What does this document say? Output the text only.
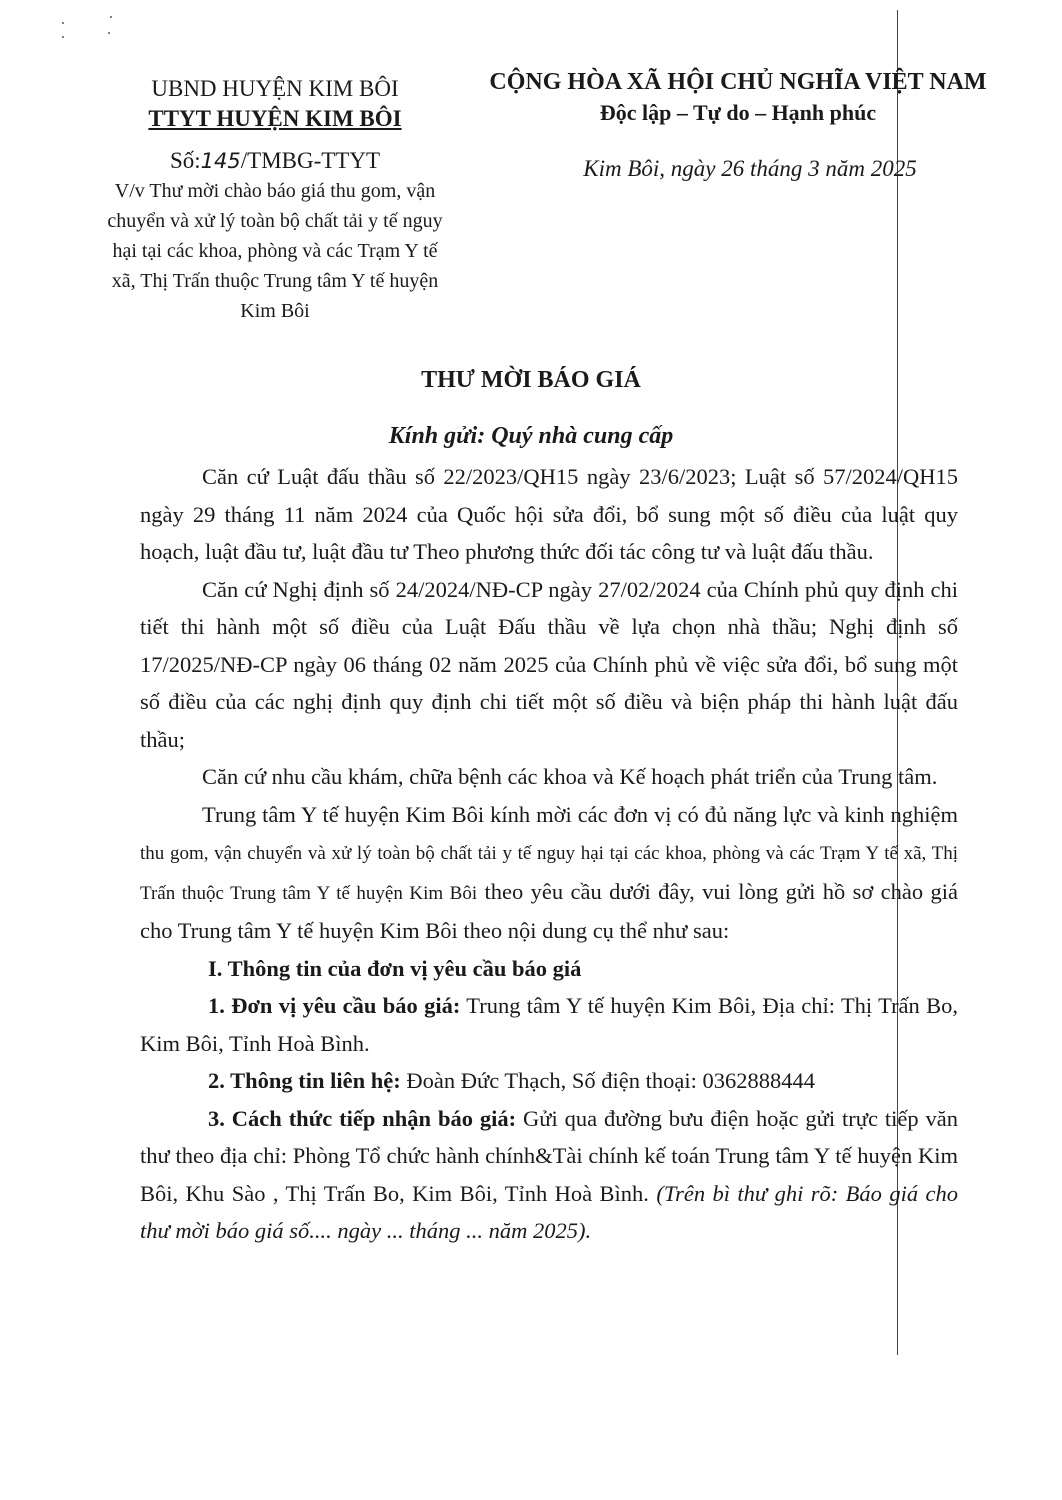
UBND HUYỆN KIM BÔI
TTYT HUYỆN KIM BÔI
Số:145/TMBG-TTYT
V/v Thư mời chào báo giá thu gom, vận chuyển và xử lý toàn bộ chất tải y tế nguy hại tại các khoa, phòng và các Trạm Y tế xã, Thị Trấn thuộc Trung tâm Y tế huyện Kim Bôi
CỘNG HÒA XÃ HỘI CHỦ NGHĨA VIỆT NAM
Độc lập – Tự do – Hạnh phúc
Kim Bôi, ngày 26 tháng 3 năm 2025
THƯ MỜI BÁO GIÁ
Kính gửi: Quý nhà cung cấp

Căn cứ Luật đấu thầu số 22/2023/QH15 ngày 23/6/2023; Luật số 57/2024/QH15 ngày 29 tháng 11 năm 2024 của Quốc hội sửa đổi, bổ sung một số điều của luật quy hoạch, luật đầu tư, luật đầu tư Theo phương thức đối tác công tư và luật đấu thầu.

Căn cứ Nghị định số 24/2024/NĐ-CP ngày 27/02/2024 của Chính phủ quy định chi tiết thi hành một số điều của Luật Đấu thầu về lựa chọn nhà thầu; Nghị định số 17/2025/NĐ-CP ngày 06 tháng 02 năm 2025 của Chính phủ về việc sửa đổi, bổ sung một số điều của các nghị định quy định chi tiết một số điều và biện pháp thi hành luật đấu thầu;

Căn cứ nhu cầu khám, chữa bệnh các khoa và Kế hoạch phát triển của Trung tâm.

Trung tâm Y tế huyện Kim Bôi kính mời các đơn vị có đủ năng lực và kinh nghiệm thu gom, vận chuyển và xử lý toàn bộ chất tải y tế nguy hại tại các khoa, phòng và các Trạm Y tế xã, Thị Trấn thuộc Trung tâm Y tế huyện Kim Bôi theo yêu cầu dưới đây, vui lòng gửi hồ sơ chào giá cho Trung tâm Y tế huyện Kim Bôi theo nội dung cụ thể như sau:

I. Thông tin của đơn vị yêu cầu báo giá

1. Đơn vị yêu cầu báo giá: Trung tâm Y tế huyện Kim Bôi, Địa chỉ: Thị Trấn Bo, Kim Bôi, Tỉnh Hoà Bình.

2. Thông tin liên hệ: Đoàn Đức Thạch, Số điện thoại: 0362888444

3. Cách thức tiếp nhận báo giá: Gửi qua đường bưu điện hoặc gửi trực tiếp văn thư theo địa chỉ: Phòng Tổ chức hành chính&Tài chính kế toán Trung tâm Y tế huyện Kim Bôi, Khu Sào , Thị Trấn Bo, Kim Bôi, Tỉnh Hoà Bình. (Trên bì thư ghi rõ: Báo giá cho thư mời báo giá số.... ngày ... tháng ... năm 2025).
